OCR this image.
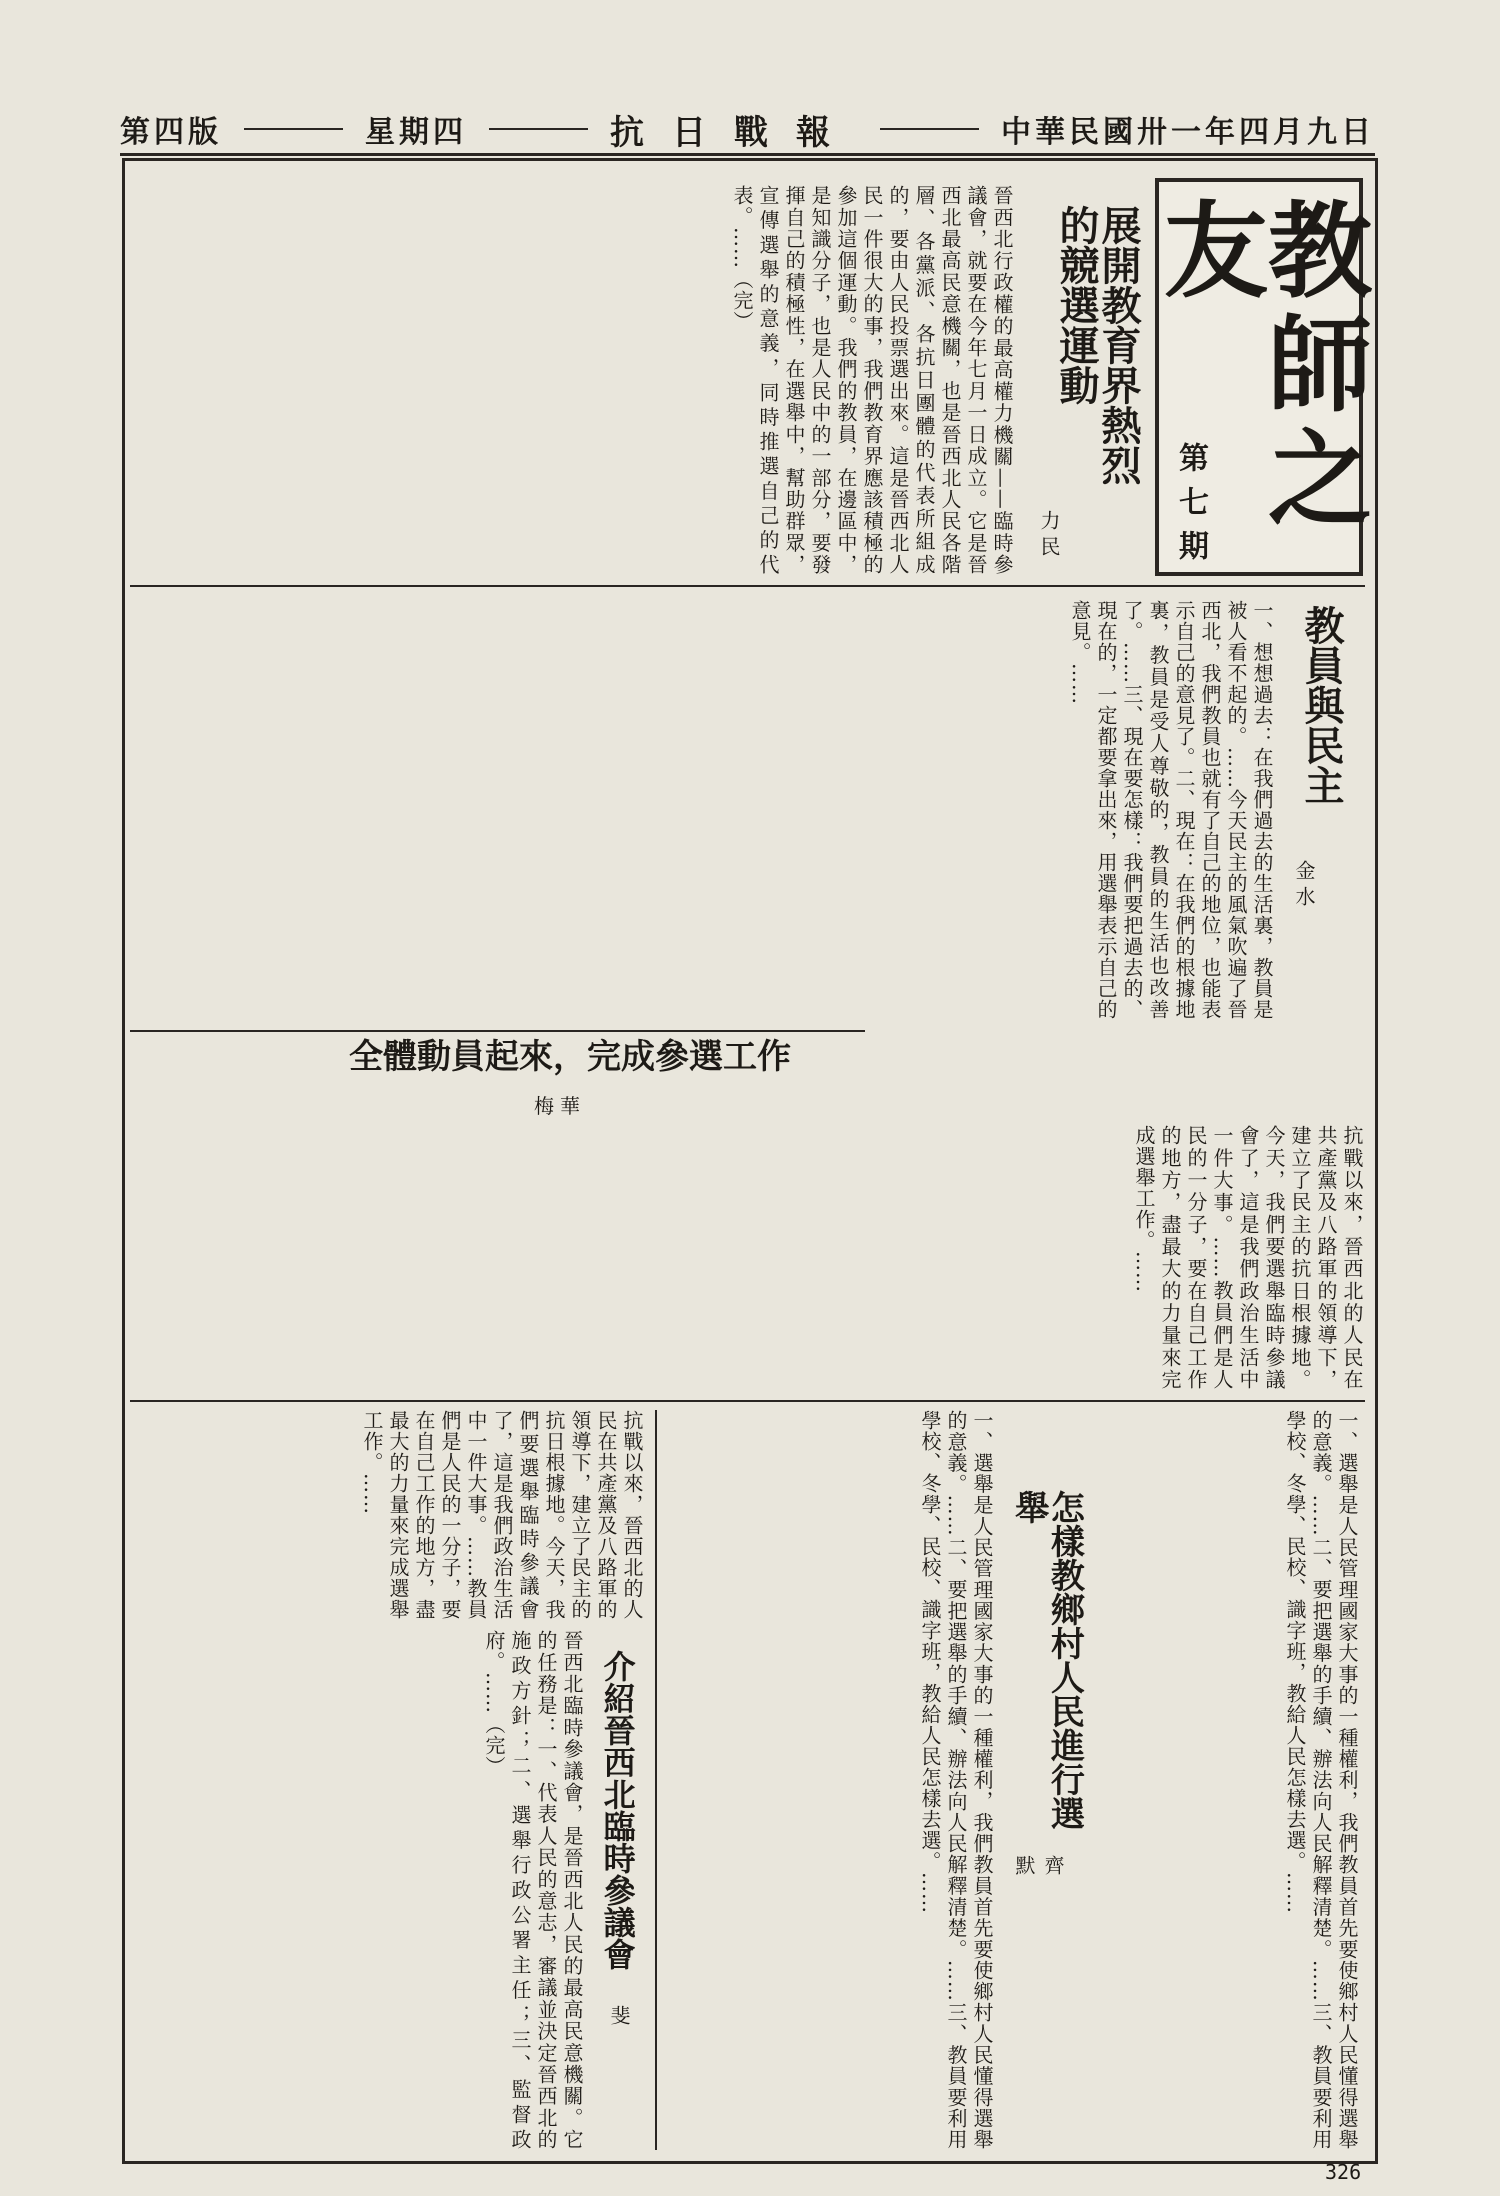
第四版	星期四	抗日戰報	中華民國卅一年四月九日
教師之友
第七期
展開教育界熱烈的競選運動
力民
晉西北行政權的最高權力機關——臨時參議會，就要在今年七月一日成立。它是晉西北最高民意機關，也是晉西北人民各階層、各黨派、各抗日團體的代表所組成的，要由人民投票選出來。這是晉西北人民一件很大的事，我們教育界應該積極的參加這個運動。我們的教員，在邊區中，是知識分子，也是人民中的一部分，要發揮自己的積極性，在選舉中，幫助群眾，宣傳選舉的意義，同時推選自己的代表。……（完）
教員與民主
金水
一、想想過去：在我們過去的生活裏，教員是被人看不起的。……今天民主的風氣吹遍了晉西北，我們教員也就有了自己的地位，也能表示自己的意見了。二、現在：在我們的根據地裏，教員是受人尊敬的，教員的生活也改善了。……三、現在要怎樣：我們要把過去的、現在的，一定都要拿出來，用選舉表示自己的意見。……
全體動員起來，完成參選工作
梅華
抗戰以來，晉西北的人民在共產黨及八路軍的領導下，建立了民主的抗日根據地。今天，我們要選舉臨時參議會了，這是我們政治生活中一件大事。……教員們是人民的一分子，要在自己工作的地方，盡最大的力量來完成選舉工作。……
怎樣教鄉村人民進行選舉
齊默
一、選舉是人民管理國家大事的一種權利，我們教員首先要使鄉村人民懂得選舉的意義。……二、要把選舉的手續、辦法向人民解釋清楚。……三、教員要利用學校、冬學、民校、識字班，教給人民怎樣去選。……	一、選舉是人民管理國家大事的一種權利，我們教員首先要使鄉村人民懂得選舉的意義。……二、要把選舉的手續、辦法向人民解釋清楚。……三、教員要利用學校、冬學、民校、識字班，教給人民怎樣去選。……
介紹晉西北臨時參議會
斐
晉西北臨時參議會，是晉西北人民的最高民意機關。它的任務是：一、代表人民的意志，審議並決定晉西北的施政方針；二、選舉行政公署主任；三、監督政府。……（完）
抗戰以來，晉西北的人民在共產黨及八路軍的領導下，建立了民主的抗日根據地。今天，我們要選舉臨時參議會了，這是我們政治生活中一件大事。……教員們是人民的一分子，要在自己工作的地方，盡最大的力量來完成選舉工作。……
326
